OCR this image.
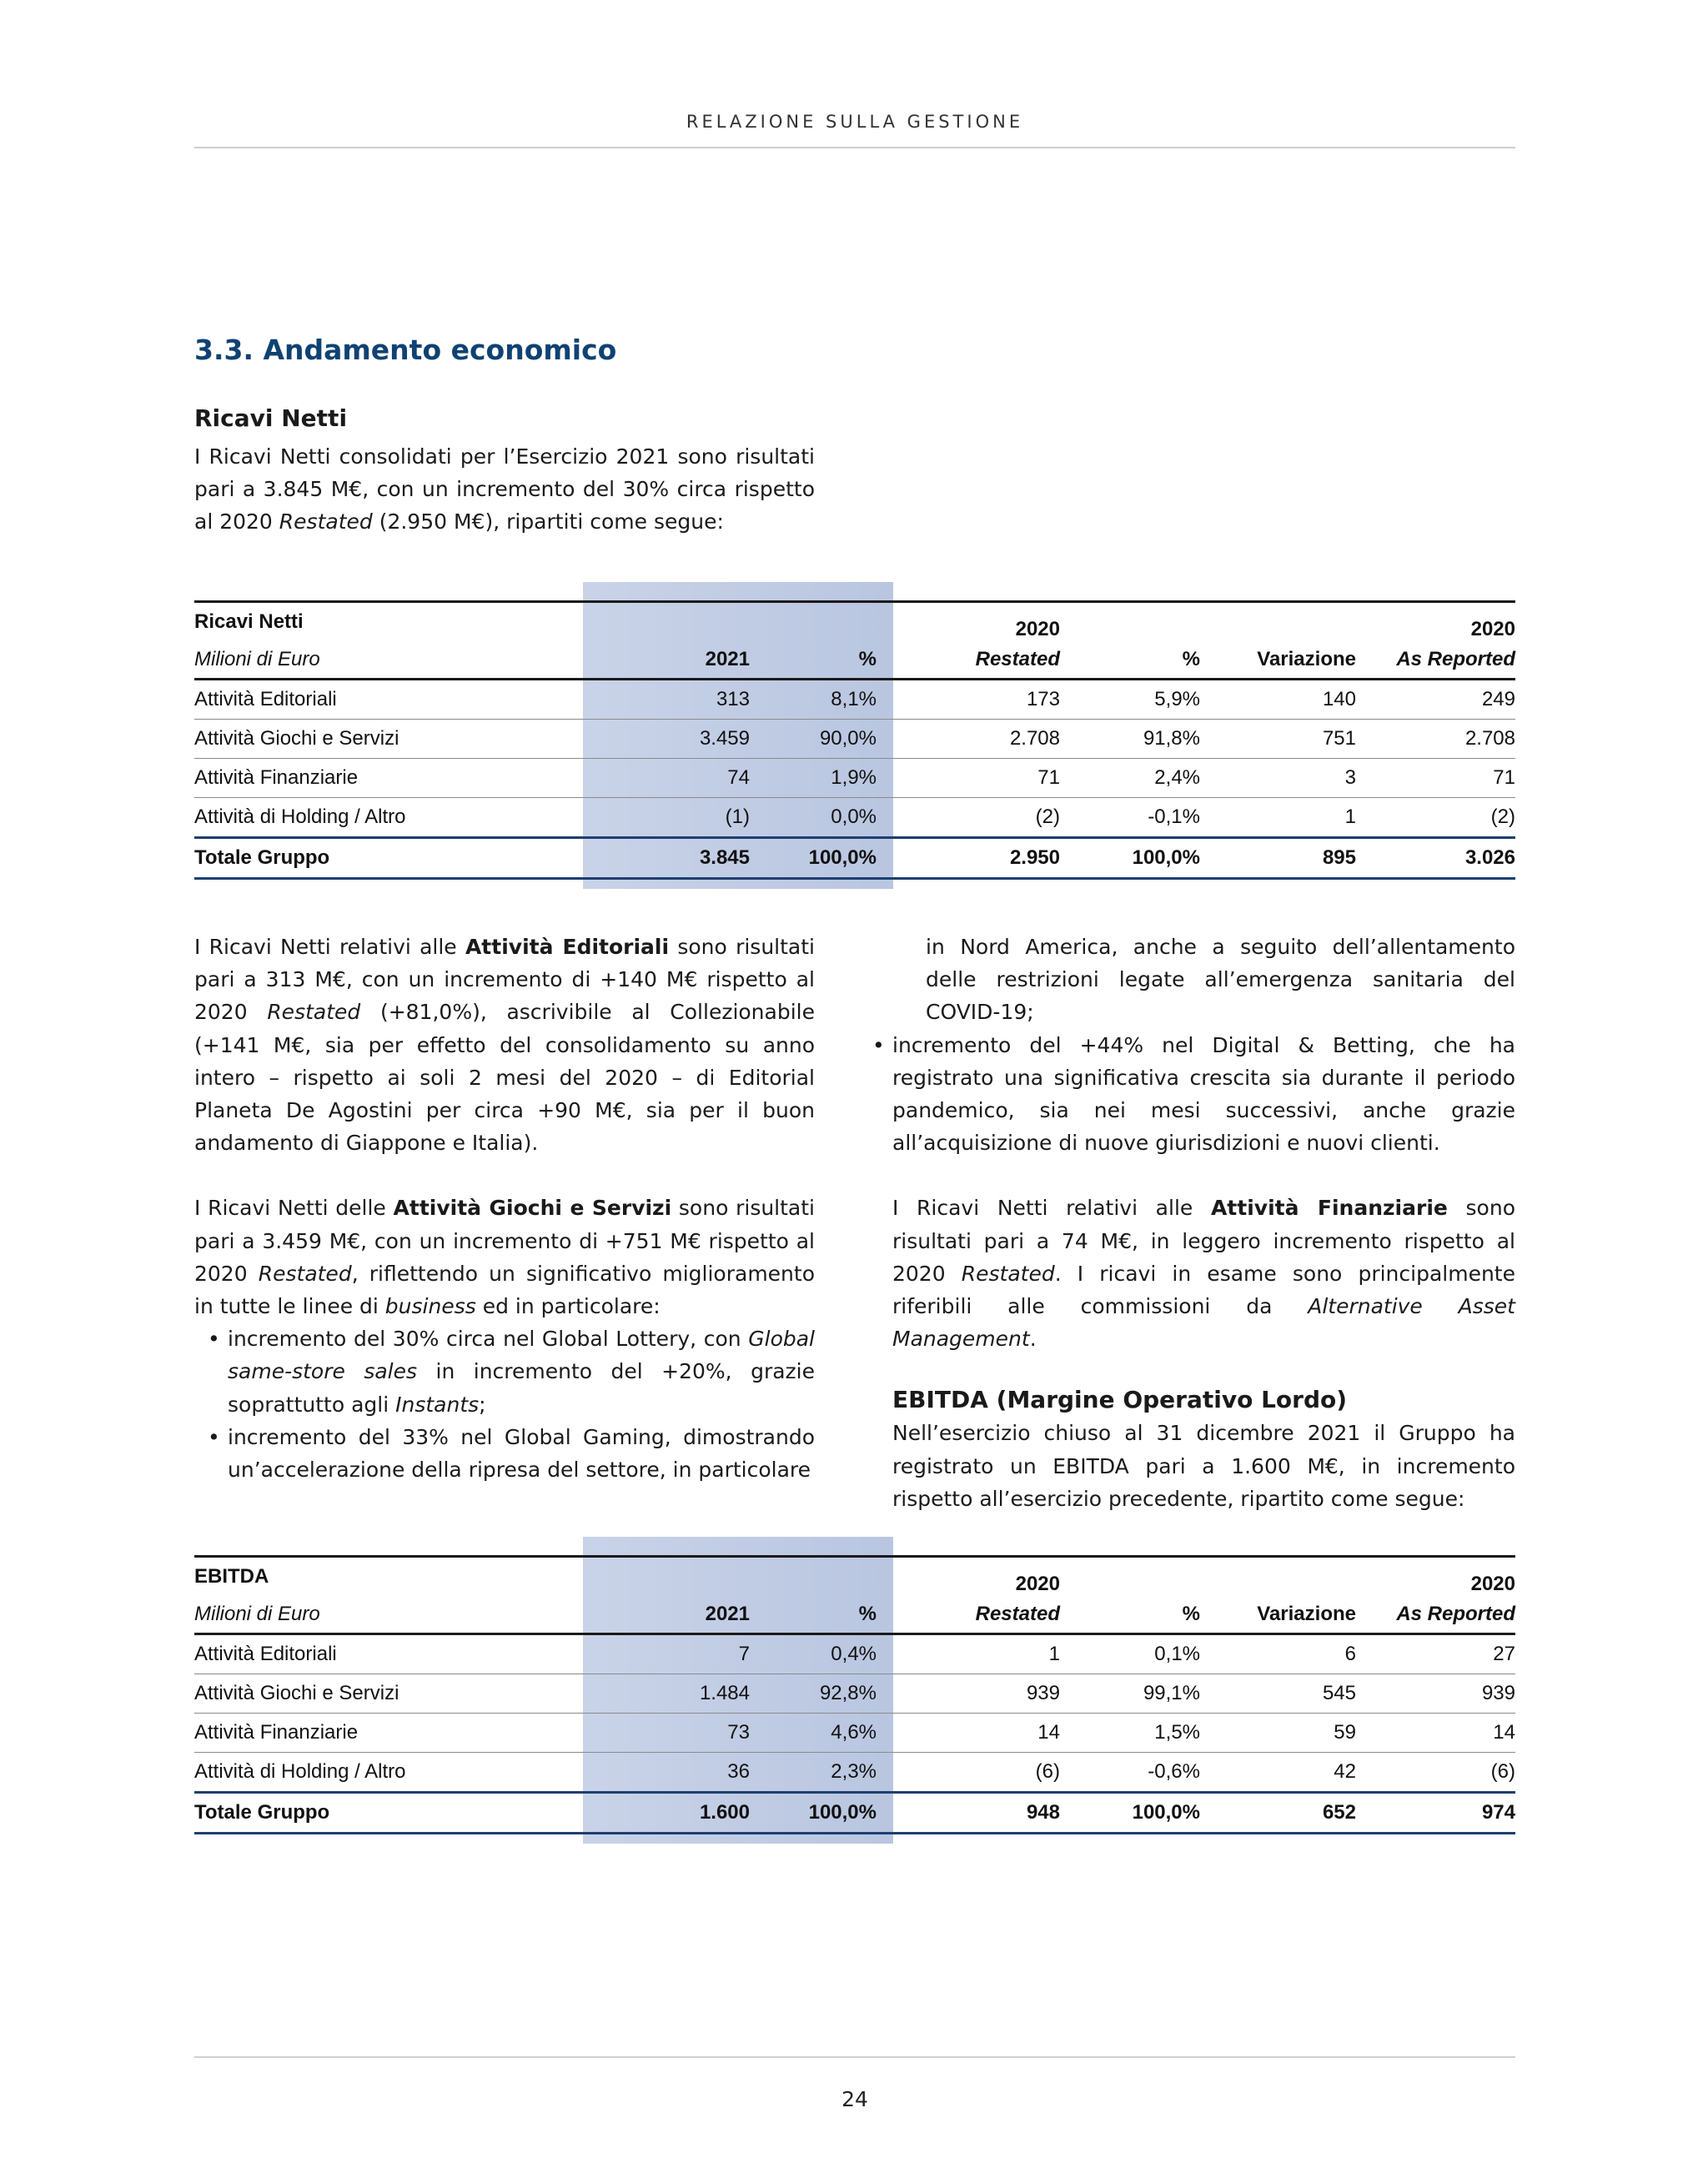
RELAZIONE SULLA GESTIONE
3.3. Andamento economico
Ricavi Netti

I Ricavi Netti consolidati per l’Esercizio 2021 sono risultati pari a 3.845 M€, con un incremento del 30% circa rispetto al 2020 Restated (2.950 M€), ripartiti come segue:

Ricavi Netti			2020			2020
Milioni di Euro	2021	%	Restated	%	Variazione	As Reported
Attività Editoriali	313	8,1%	173	5,9%	140	249
Attività Giochi e Servizi	3.459	90,0%	2.708	91,8%	751	2.708
Attività Finanziarie	74	1,9%	71	2,4%	3	71
Attività di Holding / Altro	(1)	0,0%	(2)	-0,1%	1	(2)
Totale Gruppo	3.845	100,0%	2.950	100,0%	895	3.026

I Ricavi Netti relativi alle Attività Editoriali sono risultati pari a 313 M€, con un incremento di +140 M€ rispetto al 2020 Restated (+81,0%), ascrivibile al Collezionabile (+141 M€, sia per effetto del consolidamento su anno intero – rispetto ai soli 2 mesi del 2020 – di Editorial Planeta De Agostini per circa +90 M€, sia per il buon andamento di Giappone e Italia).

I Ricavi Netti delle Attività Giochi e Servizi sono risultati pari a 3.459 M€, con un incremento di +751 M€ rispetto al 2020 Restated, riflettendo un significativo miglioramento in tutte le linee di business ed in particolare:

• incremento del 30% circa nel Global Lottery, con Global same-store sales in incremento del +20%, grazie soprattutto agli Instants;
• incremento del 33% nel Global Gaming, dimostrando un’accelerazione della ripresa del settore, in particolare

in Nord America, anche a seguito dell’allentamento delle restrizioni legate all’emergenza sanitaria del COVID-19;

• incremento del +44% nel Digital & Betting, che ha registrato una significativa crescita sia durante il periodo pandemico, sia nei mesi successivi, anche grazie all’acquisizione di nuove giurisdizioni e nuovi clienti.

I Ricavi Netti relativi alle Attività Finanziarie sono risultati pari a 74 M€, in leggero incremento rispetto al 2020 Restated. I ricavi in esame sono principalmente riferibili alle commissioni da Alternative Asset Management.

EBITDA (Margine Operativo Lordo)

Nell’esercizio chiuso al 31 dicembre 2021 il Gruppo ha registrato un EBITDA pari a 1.600 M€, in incremento rispetto all’esercizio precedente, ripartito come segue:

EBITDA			2020			2020
Milioni di Euro	2021	%	Restated	%	Variazione	As Reported
Attività Editoriali	7	0,4%	1	0,1%	6	27
Attività Giochi e Servizi	1.484	92,8%	939	99,1%	545	939
Attività Finanziarie	73	4,6%	14	1,5%	59	14
Attività di Holding / Altro	36	2,3%	(6)	-0,6%	42	(6)
Totale Gruppo	1.600	100,0%	948	100,0%	652	974
24
